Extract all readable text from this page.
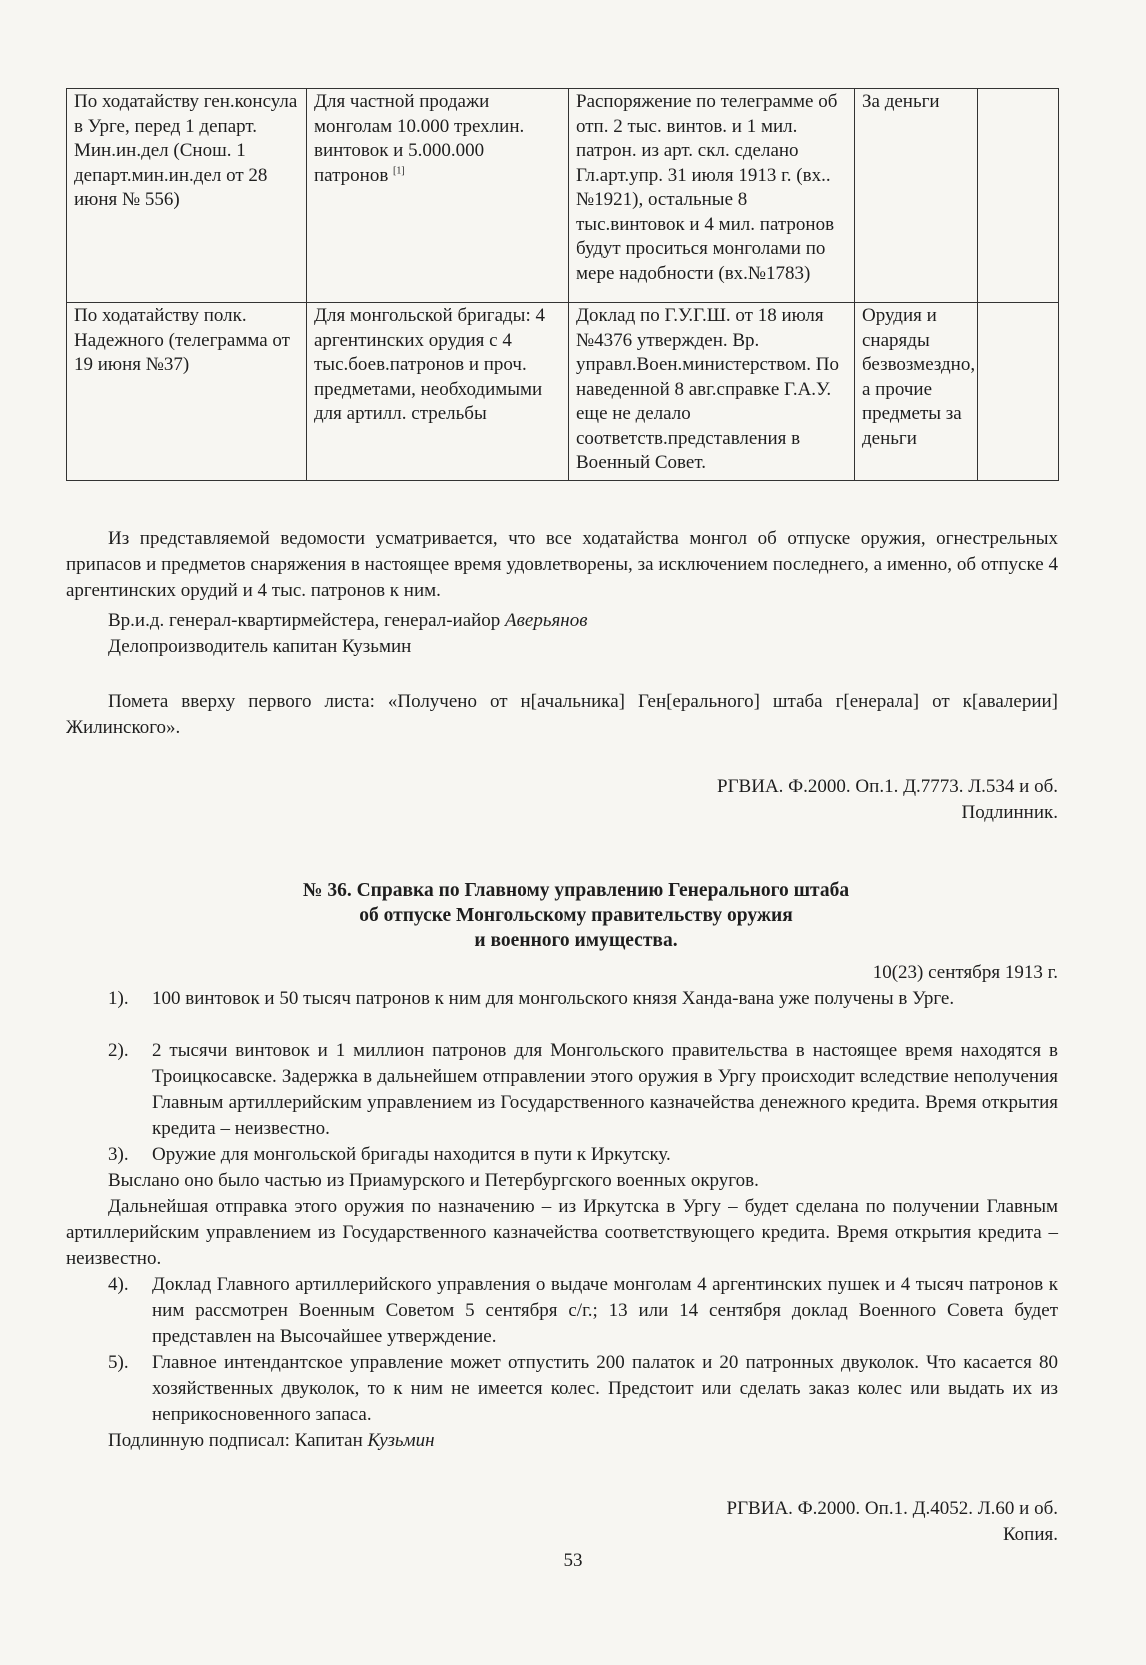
По ходатайству ген.консула в Урге, перед 1 департ. Мин.ин.дел (Снош. 1 департ.мин.ин.дел от 28 июня № 556)	Для частной продажи монголам 10.000 трехлин. винтовок и 5.000.000 патронов [1]	Распоряжение по телеграмме об отп. 2 тыс. винтов. и 1 мил. патрон. из арт. скл. сделано Гл.арт.упр. 31 июля 1913 г. (вх..№1921), остальные 8 тыс.винтовок и 4 мил. патронов будут проситься монголами по мере надобности (вх.№1783)	За деньги	

По ходатайству полк. Надежного (телеграмма от 19 июня №37)	Для монгольской бригады: 4 аргентинских орудия с 4 тыс.боев.патронов и проч. предметами, необходимыми для артилл. стрельбы	Доклад по Г.У.Г.Ш. от 18 июля №4376 утвержден. Вр. управл.Воен.министерством. По наведенной 8 авг.справке Г.А.У. еще не делало соответств.представления в Военный Совет.	Орудия и снаряды безвозмездно, а прочие предметы за деньги	

Из представляемой ведомости усматривается, что все ходатайства монгол об отпуске оружия, огнестрельных припасов и предметов снаряжения в настоящее время удовлетворены, за исключением последнего, а именно, об отпуске 4 аргентинских орудий и 4 тыс. патронов к ним.
Вр.и.д. генерал-квартирмейстера, генерал-иайор Аверьянов
Делопроизводитель капитан Кузьмин
Помета вверху первого листа: «Получено от н[ачальника] Ген[ерального] штаба г[енерала] от к[авалерии] Жилинского».
РГВИА. Ф.2000. Оп.1. Д.7773. Л.534 и об.
Подлинник.
№ 36. Справка по Главному управлению Генерального штаба
об отпуске Монгольскому правительству оружия
и военного имущества.
10(23) сентября 1913 г.
1). 100 винтовок и 50 тысяч патронов к ним для монгольского князя Ханда-вана уже получены в Урге.
2). 2 тысячи винтовок и 1 миллион патронов для Монгольского правительства в настоящее время находятся в Троицкосавске. Задержка в дальнейшем отправлении этого оружия в Ургу происходит вследствие неполучения Главным артиллерийским управлением из Государственного казначейства денежного кредита. Время открытия кредита – неизвестно.
3). Оружие для монгольской бригады находится в пути к Иркутску.
Выслано оно было частью из Приамурского и Петербургского военных округов.
Дальнейшая отправка этого оружия по назначению – из Иркутска в Ургу – будет сделана по получении Главным артиллерийским управлением из Государственного казначейства соответствующего кредита. Время открытия кредита – неизвестно.
4). Доклад Главного артиллерийского управления о выдаче монголам 4 аргентинских пушек и 4 тысяч патронов к ним рассмотрен Военным Советом 5 сентября с/г.; 13 или 14 сентября доклад Военного Совета будет представлен на Высочайшее утверждение.
5). Главное интендантское управление может отпустить 200 палаток и 20 патронных двуколок. Что касается 80 хозяйственных двуколок, то к ним не имеется колес. Предстоит или сделать заказ колес или выдать их из неприкосновенного запаса.
Подлинную подписал: Капитан Кузьмин
РГВИА. Ф.2000. Оп.1. Д.4052. Л.60 и об.
Копия.
53
